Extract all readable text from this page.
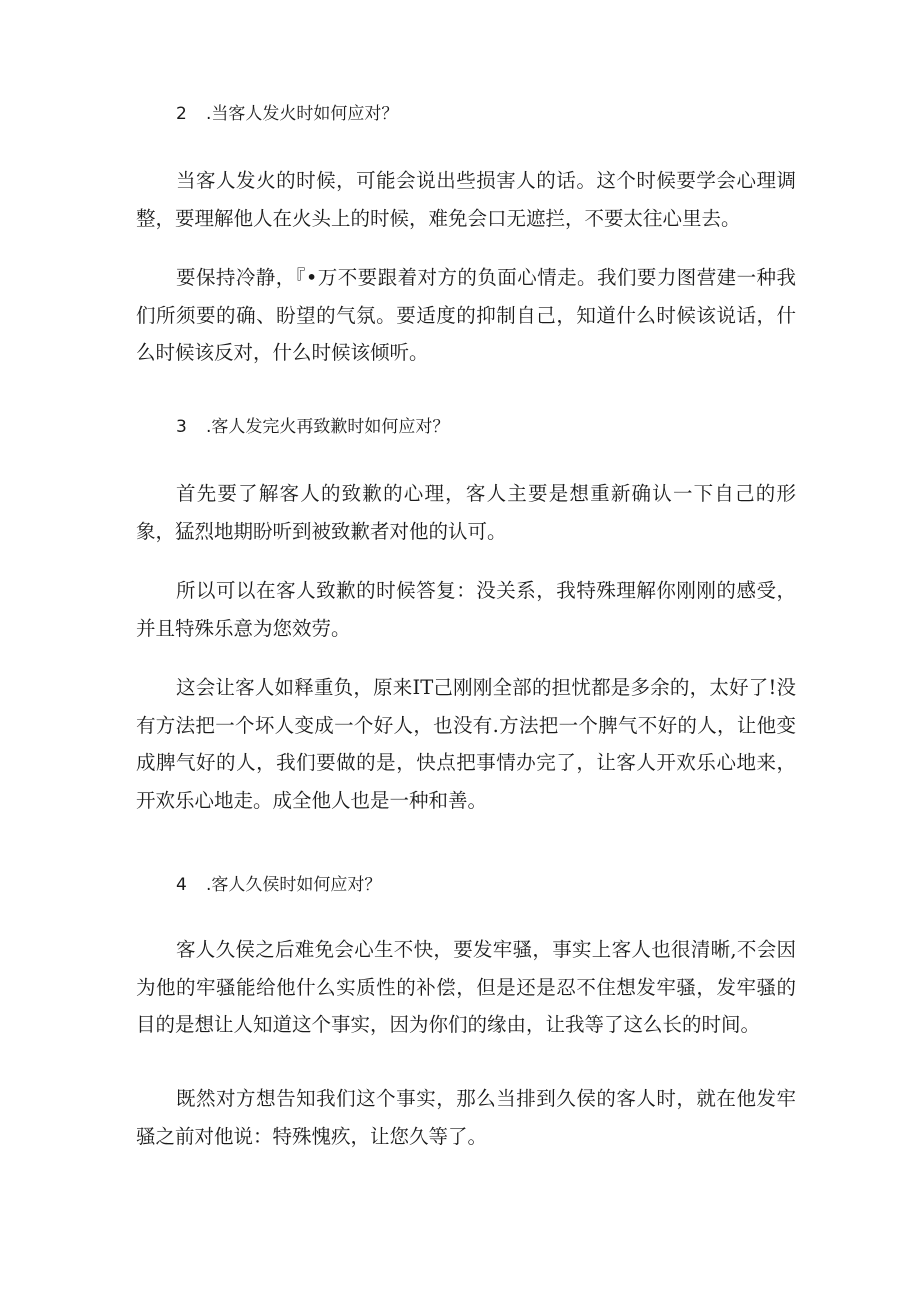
2 .当客人发火时如何应对？

当客人发火的时候，可能会说出些损害人的话。这个时候要学会心理调整，要理解他人在火头上的时候，难免会口无遮拦，不要太往心里去。

要保持冷静，『•万不要跟着对方的负面心情走。我们要力图营建一种我们所须要的确、盼望的气氛。要适度的抑制自己，知道什么时候该说话，什么时候该反对，什么时候该倾听。

3 .客人发完火再致歉时如何应对？

首先要了解客人的致歉的心理，客人主要是想重新确认一下自己的形象，猛烈地期盼听到被致歉者对他的认可。

所以可以在客人致歉的时候答复：没关系，我特殊理解你刚刚的感受，并且特殊乐意为您效劳。

这会让客人如释重负，原来IT己刚刚全部的担忧都是多余的，太好了!没有方法把一个坏人变成一个好人，也没有.方法把一个脾气不好的人，让他变成脾气好的人，我们要做的是，快点把事情办完了，让客人开欢乐心地来，开欢乐心地走。成全他人也是一种和善。

4 .客人久侯时如何应对？

客人久侯之后难免会心生不快，要发牢骚，事实上客人也很清晰,不会因为他的牢骚能给他什么实质性的补偿，但是还是忍不住想发牢骚，发牢骚的目的是想让人知道这个事实，因为你们的缘由，让我等了这么长的时间。

既然对方想告知我们这个事实，那么当排到久侯的客人时，就在他发牢骚之前对他说：特殊愧疚，让您久等了。
